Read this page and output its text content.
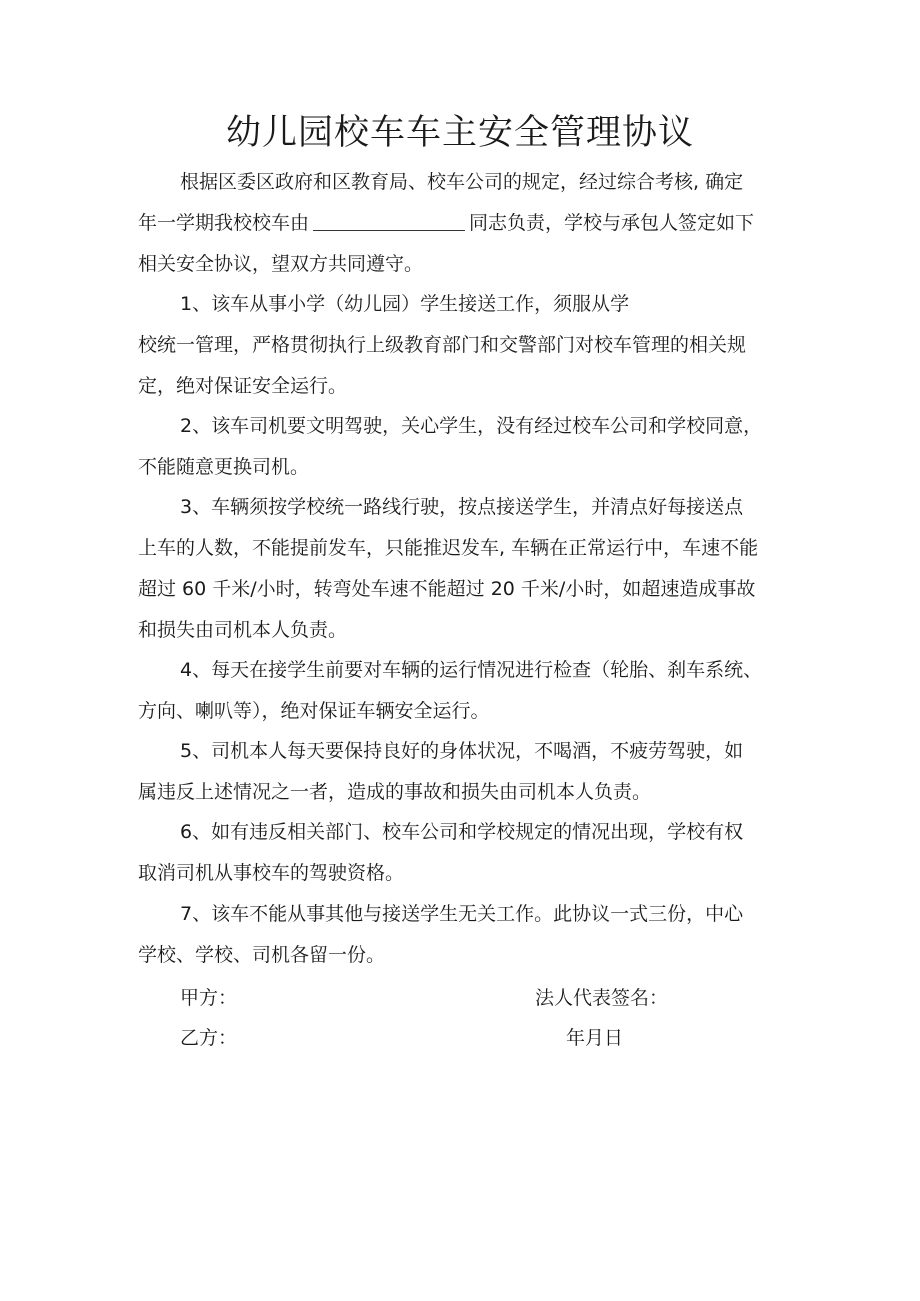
幼儿园校车车主安全管理协议
根据区委区政府和区教育局、校车公司的规定，经过综合考核, 确定
年一学期我校校车由	同志负责，学校与承包人签定如下
相关安全协议，望双方共同遵守。
1、该车从事小学（幼儿园）学生接送工作，须服从学
校统一管理，严格贯彻执行上级教育部门和交警部门对校车管理的相关规
定，绝对保证安全运行。
2、该车司机要文明驾驶，关心学生，没有经过校车公司和学校同意，
不能随意更换司机。
3、车辆须按学校统一路线行驶，按点接送学生，并清点好每接送点
上车的人数，不能提前发车，只能推迟发车, 车辆在正常运行中，车速不能
超过 60 千米/小时，转弯处车速不能超过 20 千米/小时，如超速造成事故
和损失由司机本人负责。
4、每天在接学生前要对车辆的运行情况进行检查（轮胎、刹车系统、
方向、喇叭等），绝对保证车辆安全运行。
5、司机本人每天要保持良好的身体状况，不喝酒，不疲劳驾驶，如
属违反上述情况之一者，造成的事故和损失由司机本人负责。
6、如有违反相关部门、校车公司和学校规定的情况出现，学校有权
取消司机从事校车的驾驶资格。
7、该车不能从事其他与接送学生无关工作。此协议一式三份，中心
学校、学校、司机各留一份。
甲方：	法人代表签名：
乙方：	年月日
